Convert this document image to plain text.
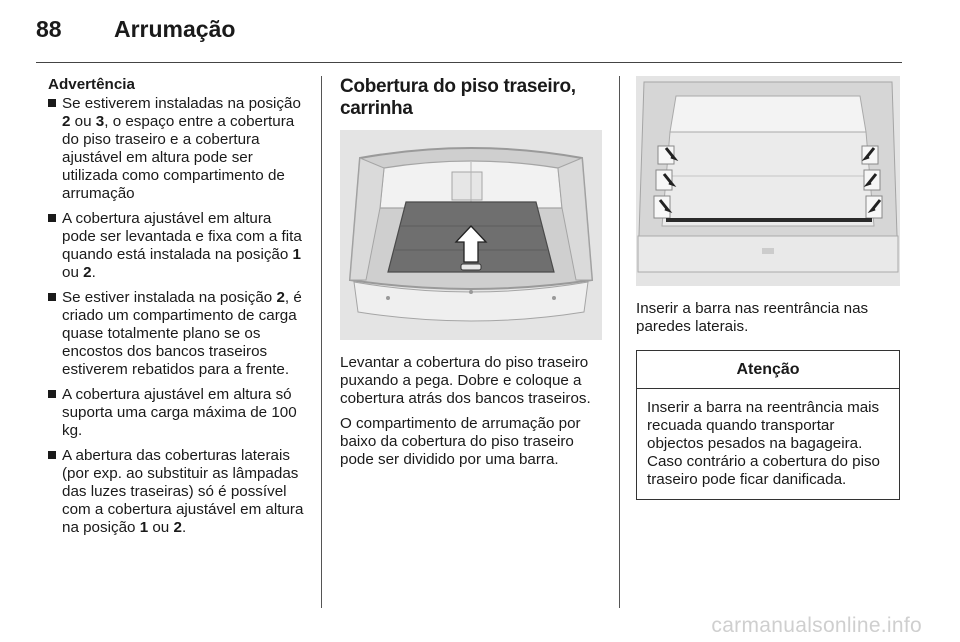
88	Arrumação
Advertência
Se estiverem instaladas na posição 2 ou 3, o espaço entre a cobertura do piso traseiro e a cobertura ajustável em altura pode ser utilizada como compartimento de arrumação
A cobertura ajustável em altura pode ser levantada e fixa com a fita quando está instalada na posição 1 ou 2.
Se estiver instalada na posição 2, é criado um compartimento de carga quase totalmente plano se os encostos dos bancos traseiros estiverem rebatidos para a frente.
A cobertura ajustável em altura só suporta uma carga máxima de 100 kg.
A abertura das coberturas laterais (por exp. ao substituir as lâmpadas das luzes traseiras) só é possível com a cobertura ajustável em altura na posição 1 ou 2.
Cobertura do piso traseiro, carrinha

Levantar a cobertura do piso traseiro puxando a pega. Dobre e coloque a cobertura atrás dos bancos traseiros.

O compartimento de arrumação por baixo da cobertura do piso traseiro pode ser dividido por uma barra.

Inserir a barra nas reentrância nas paredes laterais.

Atenção
Inserir a barra na reentrância mais recuada quando transportar objectos pesados na bagageira. Caso contrário a cobertura do piso traseiro pode ficar danificada.
carmanualsonline.info
